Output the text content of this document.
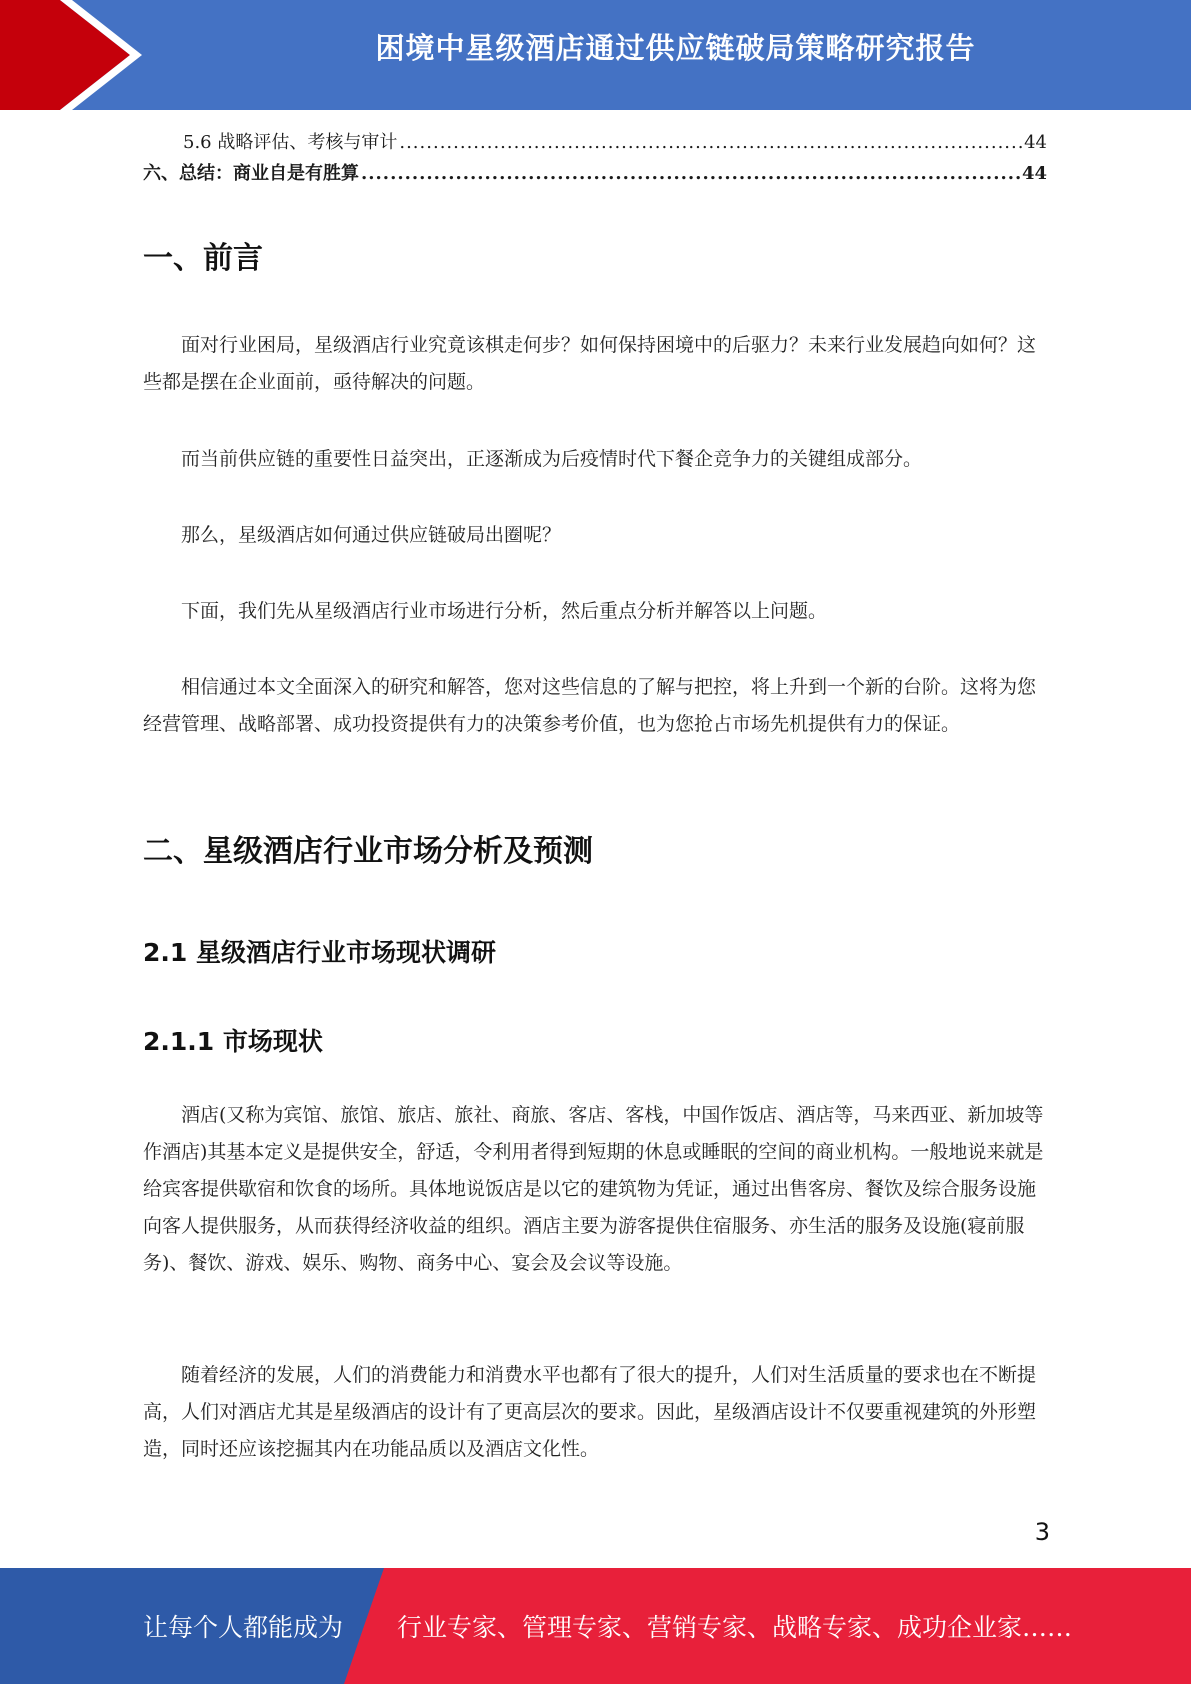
困境中星级酒店通过供应链破局策略研究报告
5.6 战略评估、考核与审计 .....	44
六、总结：商业自是有胜算 .....	44
一、前言

面对行业困局，星级酒店行业究竟该棋走何步？如何保持困境中的后驱力？未来行业发展趋向如何？这些都是摆在企业面前，亟待解决的问题。

而当前供应链的重要性日益突出，正逐渐成为后疫情时代下餐企竞争力的关键组成部分。

那么，星级酒店如何通过供应链破局出圈呢？

下面，我们先从星级酒店行业市场进行分析，然后重点分析并解答以上问题。

相信通过本文全面深入的研究和解答，您对这些信息的了解与把控，将上升到一个新的台阶。这将为您经营管理、战略部署、成功投资提供有力的决策参考价值，也为您抢占市场先机提供有力的保证。

二、星级酒店行业市场分析及预测
2.1 星级酒店行业市场现状调研
2.1.1 市场现状

酒店(又称为宾馆、旅馆、旅店、旅社、商旅、客店、客栈，中国作饭店、酒店等，马来西亚、新加坡等作酒店)其基本定义是提供安全，舒适，令利用者得到短期的休息或睡眠的空间的商业机构。一般地说来就是给宾客提供歇宿和饮食的场所。具体地说饭店是以它的建筑物为凭证，通过出售客房、餐饮及综合服务设施向客人提供服务，从而获得经济收益的组织。酒店主要为游客提供住宿服务、亦生活的服务及设施(寝前服务)、餐饮、游戏、娱乐、购物、商务中心、宴会及会议等设施。

随着经济的发展，人们的消费能力和消费水平也都有了很大的提升，人们对生活质量的要求也在不断提高，人们对酒店尤其是星级酒店的设计有了更高层次的要求。因此，星级酒店设计不仅要重视建筑的外形塑造，同时还应该挖掘其内在功能品质以及酒店文化性。

3
让每个人都能成为 行业专家、管理专家、营销专家、战略专家、成功企业家……
